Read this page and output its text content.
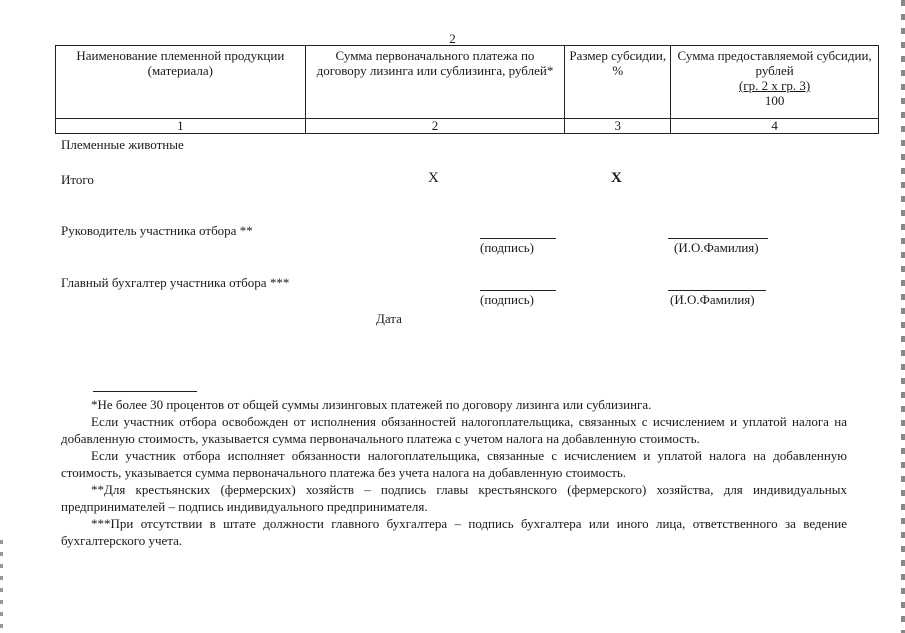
2
Наименование племенной продукции (материала)	Сумма первоначального платежа по договору лизинга или сублизинга, рублей*	Размер субсидии, %	Сумма предоставляемой субсидии, рублей
(гр. 2 х гр. 3)
100

1	2	3	4
Племенные животные
Итого	Х	Х
Руководитель участника отбора **
(подпись)	(И.О.Фамилия)
Главный бухгалтер участника отбора ***
(подпись)	(И.О.Фамилия)
Дата
*Не более 30 процентов от общей суммы лизинговых платежей по договору лизинга или сублизинга.
Если участник отбора освобожден от исполнения обязанностей налогоплательщика, связанных с исчислением и уплатой налога на добавленную стоимость, указывается сумма первоначального платежа с учетом налога на добавленную стоимость.
Если участник отбора исполняет обязанности налогоплательщика, связанные с исчислением и уплатой налога на добавленную стоимость, указывается сумма первоначального платежа без учета налога на добавленную стоимость.
**Для крестьянских (фермерских) хозяйств – подпись главы крестьянского (фермерского) хозяйства, для индивидуальных предпринимателей – подпись индивидуального предпринимателя.
***При отсутствии в штате должности главного бухгалтера – подпись бухгалтера или иного лица, ответственного за ведение бухгалтерского учета.
